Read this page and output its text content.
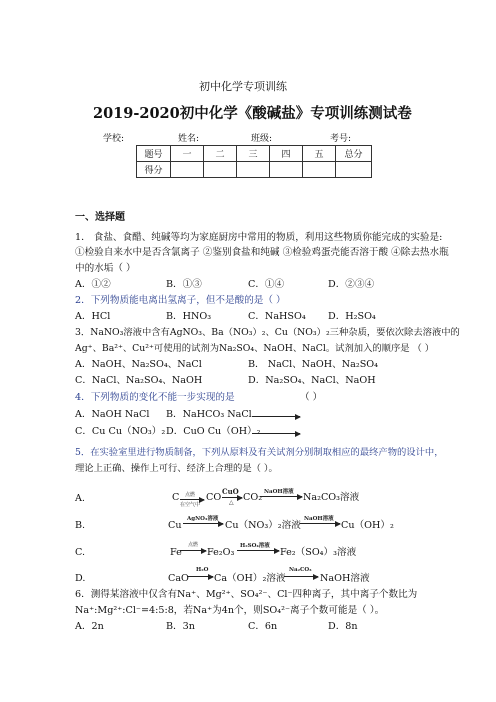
初中化学专项训练
2019-2020初中化学《酸碱盐》专项训练测试卷
学校:	姓名:	班级:	考号:
题号	一	二	三	四	五	总分
得分						
一、选择题
1． 食盐、食醋、纯碱等均为家庭厨房中常用的物质，利用这些物质你能完成的实验是:
①检验自来水中是否含氯离子 ②鉴别食盐和纯碱 ③检验鸡蛋壳能否溶于酸 ④除去热水瓶
中的水垢（ ）
A．①②	B．①③	C．①④	D．②③④
2．下列物质能电离出氢离子，但不是酸的是（ ）
A．HCl	B．HNO₃	C．NaHSO₄ D．H₂SO₄
3．NaNO₃溶液中含有AgNO₃、Ba（NO₃）₂、Cu（NO₃）₂三种杂质，要依次除去溶液中的
Ag⁺、Ba²⁺、Cu²⁺可使用的试剂为Na₂SO₄、NaOH、NaCl。试剂加入的顺序是 （ ）
A．NaOH、Na₂SO₄、NaCl	B． NaCl、NaOH、Na₂SO₄
C．NaCl、Na₂SO₄、NaOH	D．Na₂SO₄、NaCl、NaOH
4．下列物质的变化不能一步实现的是	（ ）
A．NaOH NaCl B．NaHCO₃ NaCl
C．Cu Cu（NO₃）₂ D．CuO Cu（OH）₂
5．在实验室里进行物质制备，下列从原料及有关试剂分别制取相应的最终产物的设计中，
理论上正确、操作上可行、经济上合理的是（ ）。
A.	C →
点燃
在空气中
CO
CuO
△ CO₂ NaOH溶液 → Na₂CO₃溶液
B.	Cu
AgNO₃溶液
→ Cu（NO₃）₂溶液
NaOH溶液
→ Cu（OH）₂
C.	Fe
点燃
→ Fe₂O₃
H₂SO₄溶液
→ Fe₂（SO₄）₃溶液
D.	CaO
H₂O
→ Ca（OH）₂溶液
Na₂CO₃
→ NaOH溶液
6．测得某溶液中仅含有Na⁺、Mg²⁺、SO₄²⁻、Cl⁻四种离子，其中离子个数比为
Na⁺:Mg²⁺:Cl⁻=4:5:8，若Na⁺为4n个，则SO₄²⁻离子个数可能是（ ）。
A．2n	B．3n	C．6n	D．8n
